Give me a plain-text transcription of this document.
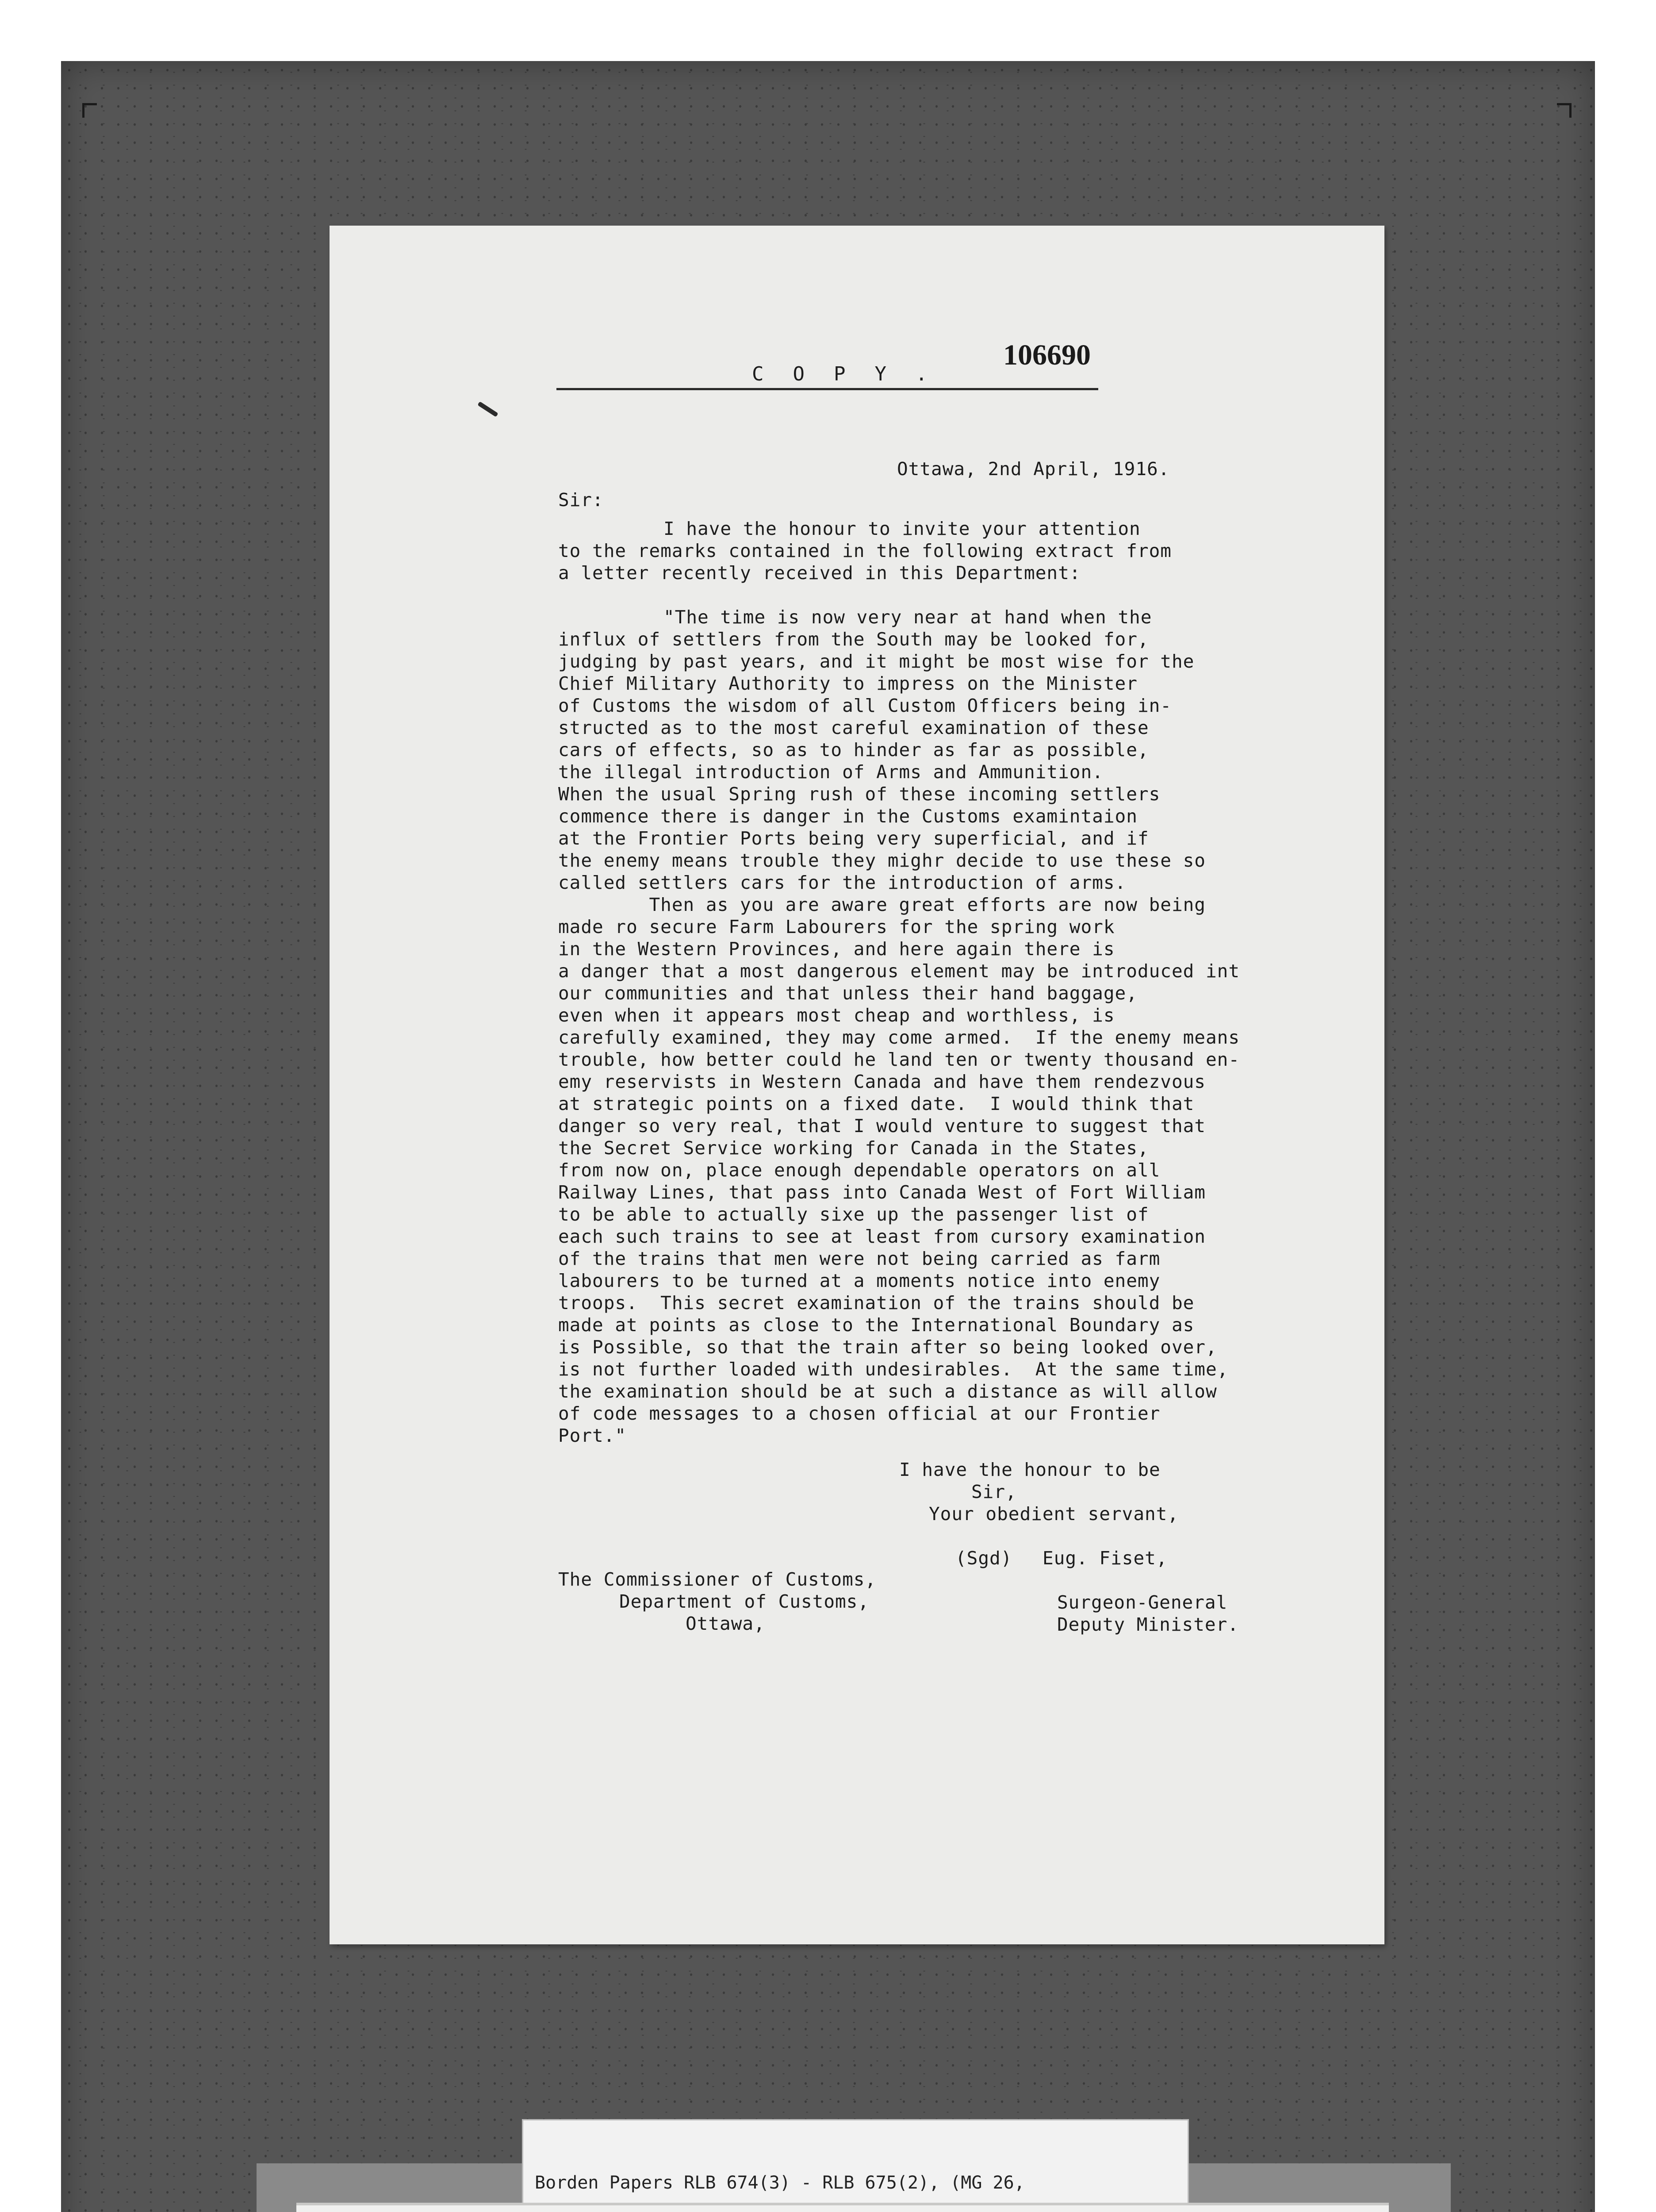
106690
COPY.
Ottawa, 2nd April, 1916.
Sir:
I have the honour to invite your attention
to the remarks contained in the following extract from
a letter recently received in this Department:
"The time is now very near at hand when the
influx of settlers from the South may be looked for,
judging by past years, and it might be most wise for the
Chief Military Authority to impress on the Minister
of Customs the wisdom of all Custom Officers being in-
structed as to the most careful examination of these
cars of effects, so as to hinder as far as possible,
the illegal introduction of Arms and Ammunition.
When the usual Spring rush of these incoming settlers
commence there is danger in the Customs examintaion
at the Frontier Ports being very superficial, and if
the enemy means trouble they mighr decide to use these so
called settlers cars for the introduction of arms.
Then as you are aware great efforts are now being
made ro secure Farm Labourers for the spring work
in the Western Provinces, and here again there is
a danger that a most dangerous element may be introduced int
our communities and that unless their hand baggage,
even when it appears most cheap and worthless, is
carefully examined, they may come armed.  If the enemy means
trouble, how better could he land ten or twenty thousand en-
emy reservists in Western Canada and have them rendezvous
at strategic points on a fixed date.  I would think that
danger so very real, that I would venture to suggest that
the Secret Service working for Canada in the States,
from now on, place enough dependable operators on all
Railway Lines, that pass into Canada West of Fort William
to be able to actually sixe up the passenger list of
each such trains to see at least from cursory examination
of the trains that men were not being carried as farm
labourers to be turned at a moments notice into enemy
troops.  This secret examination of the trains should be
made at points as close to the International Boundary as
is Possible, so that the train after so being looked over,
is not further loaded with undesirables.  At the same time,
the examination should be at such a distance as will allow
of code messages to a chosen official at our Frontier
Port."
I have the honour to be
Sir,
Your obedient servant,
(Sgd) Eug. Fiset,
The Commissioner of Customs,
Department of Customs,
Ottawa,
Surgeon-General
Deputy Minister.

Borden Papers RLB 674(3) - RLB 675(2), (MG 26,
